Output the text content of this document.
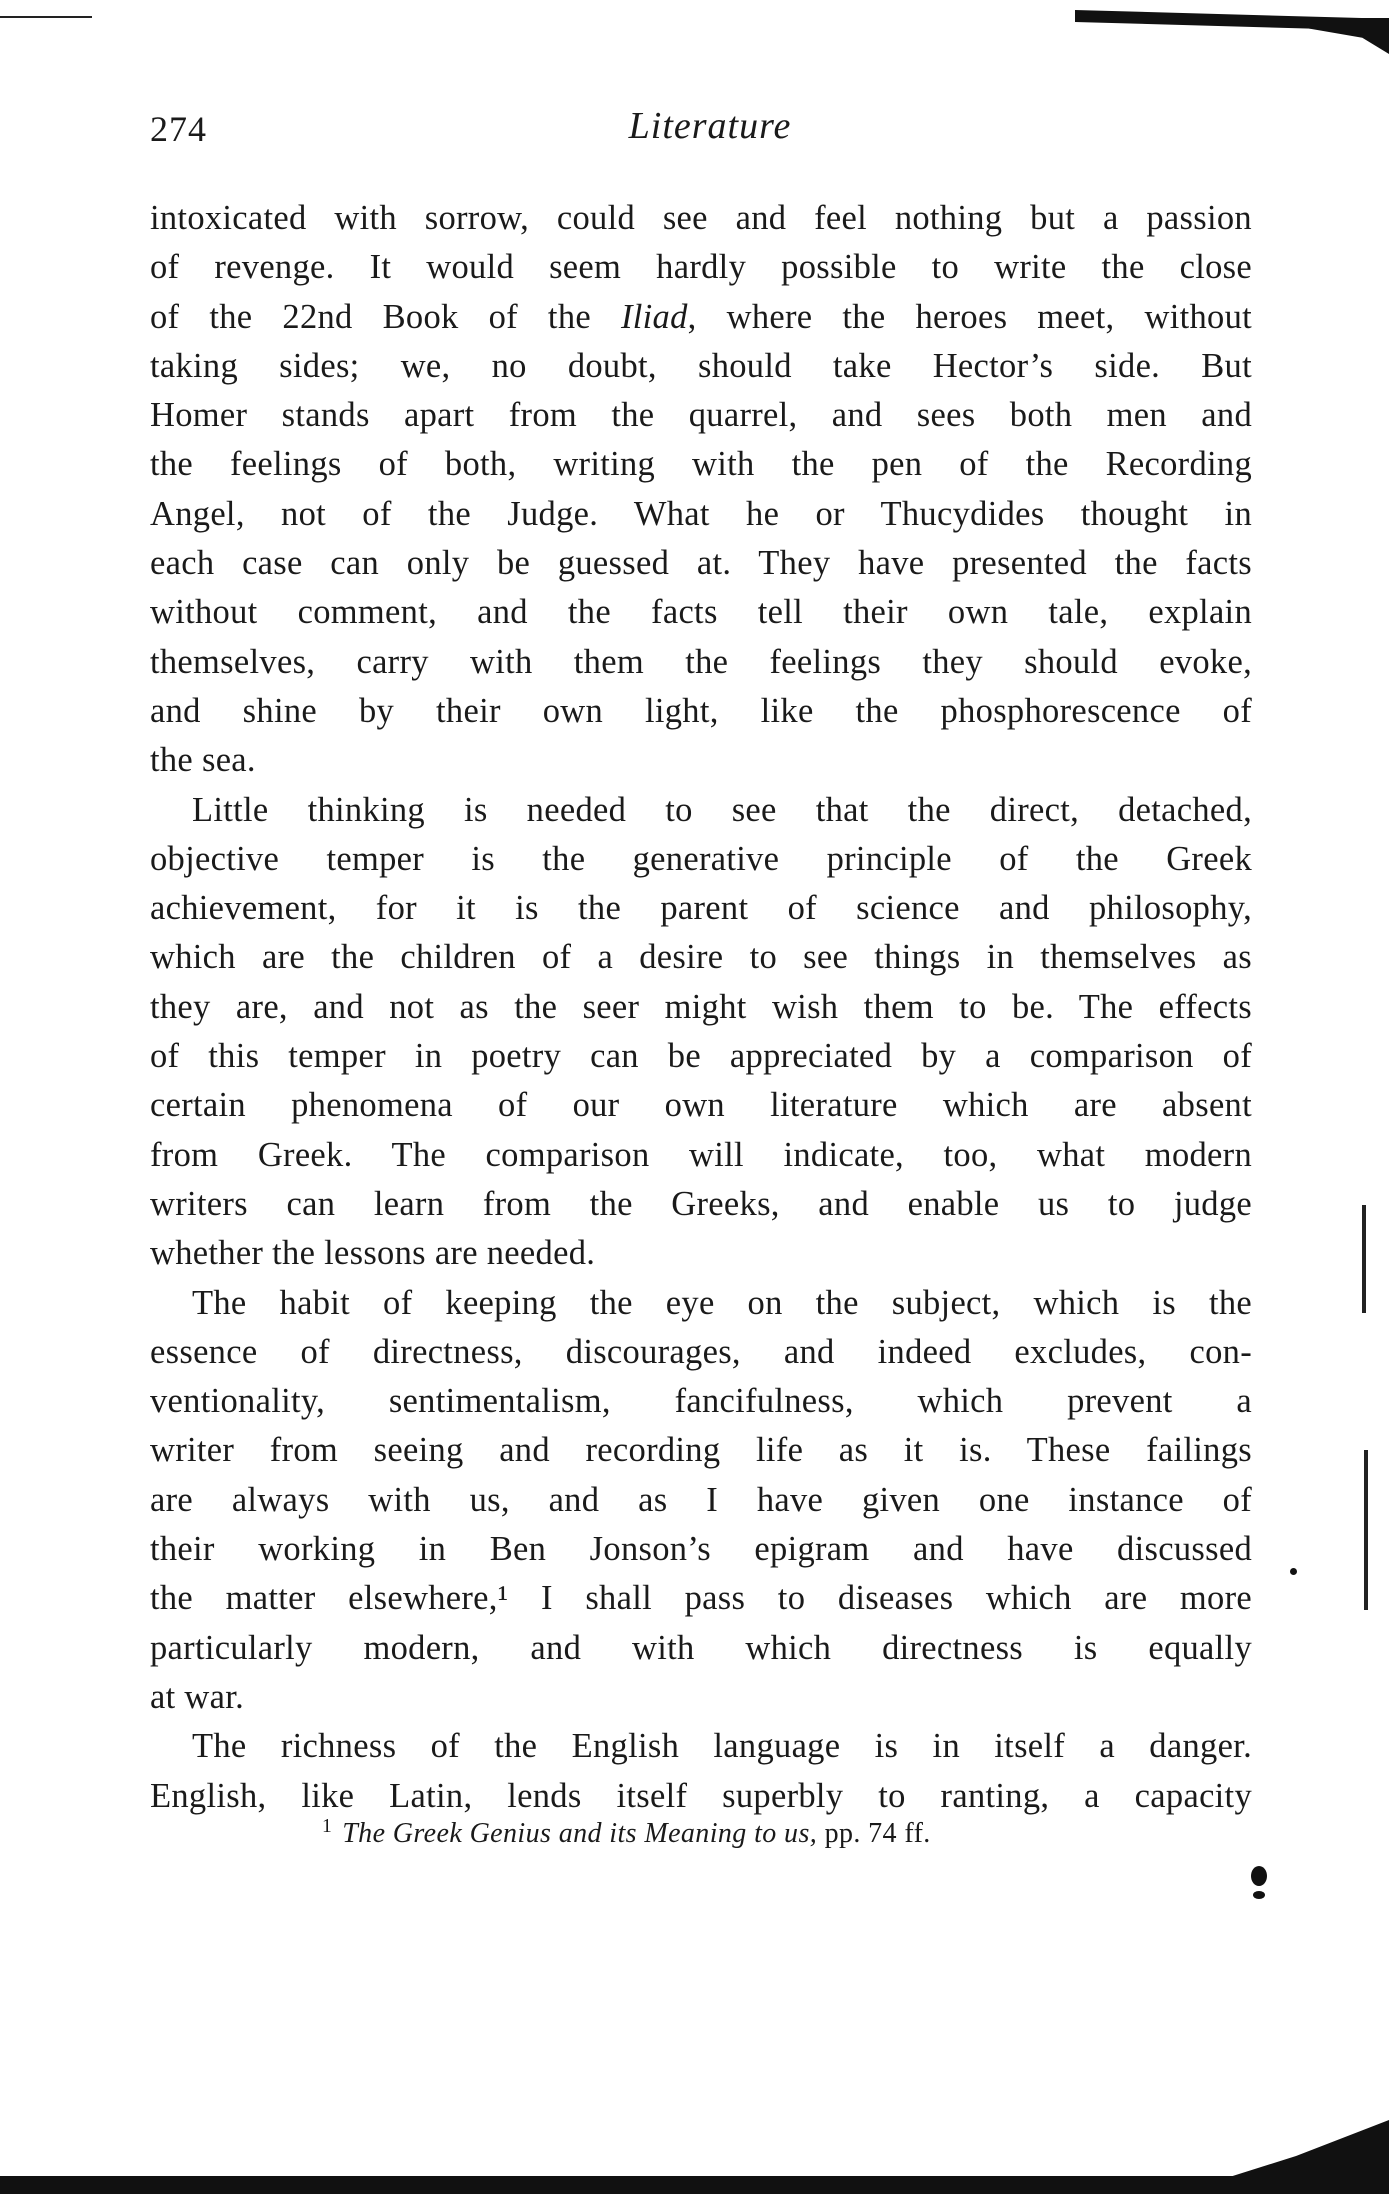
274	Literature
intoxicated with sorrow, could see and feel nothing but a passion
of revenge. It would seem hardly possible to write the close
of the 22nd Book of the Iliad, where the heroes meet, without
taking sides; we, no doubt, should take Hector’s side. But
Homer stands apart from the quarrel, and sees both men and
the feelings of both, writing with the pen of the Recording
Angel, not of the Judge. What he or Thucydides thought in
each case can only be guessed at. They have presented the facts
without comment, and the facts tell their own tale, explain
themselves, carry with them the feelings they should evoke,
and shine by their own light, like the phosphorescence of
the sea.
Little thinking is needed to see that the direct, detached,
objective temper is the generative principle of the Greek
achievement, for it is the parent of science and philosophy,
which are the children of a desire to see things in themselves as
they are, and not as the seer might wish them to be. The effects
of this temper in poetry can be appreciated by a comparison of
certain phenomena of our own literature which are absent
from Greek. The comparison will indicate, too, what modern
writers can learn from the Greeks, and enable us to judge
whether the lessons are needed.
The habit of keeping the eye on the subject, which is the
essence of directness, discourages, and indeed excludes, con-
ventionality, sentimentalism, fancifulness, which prevent a
writer from seeing and recording life as it is. These failings
are always with us, and as I have given one instance of
their working in Ben Jonson’s epigram and have discussed
the matter elsewhere,¹ I shall pass to diseases which are more
particularly modern, and with which directness is equally
at war.
The richness of the English language is in itself a danger.
English, like Latin, lends itself superbly to ranting, a capacity
$^1$ The Greek Genius and its Meaning to us, pp. 74 ff.
